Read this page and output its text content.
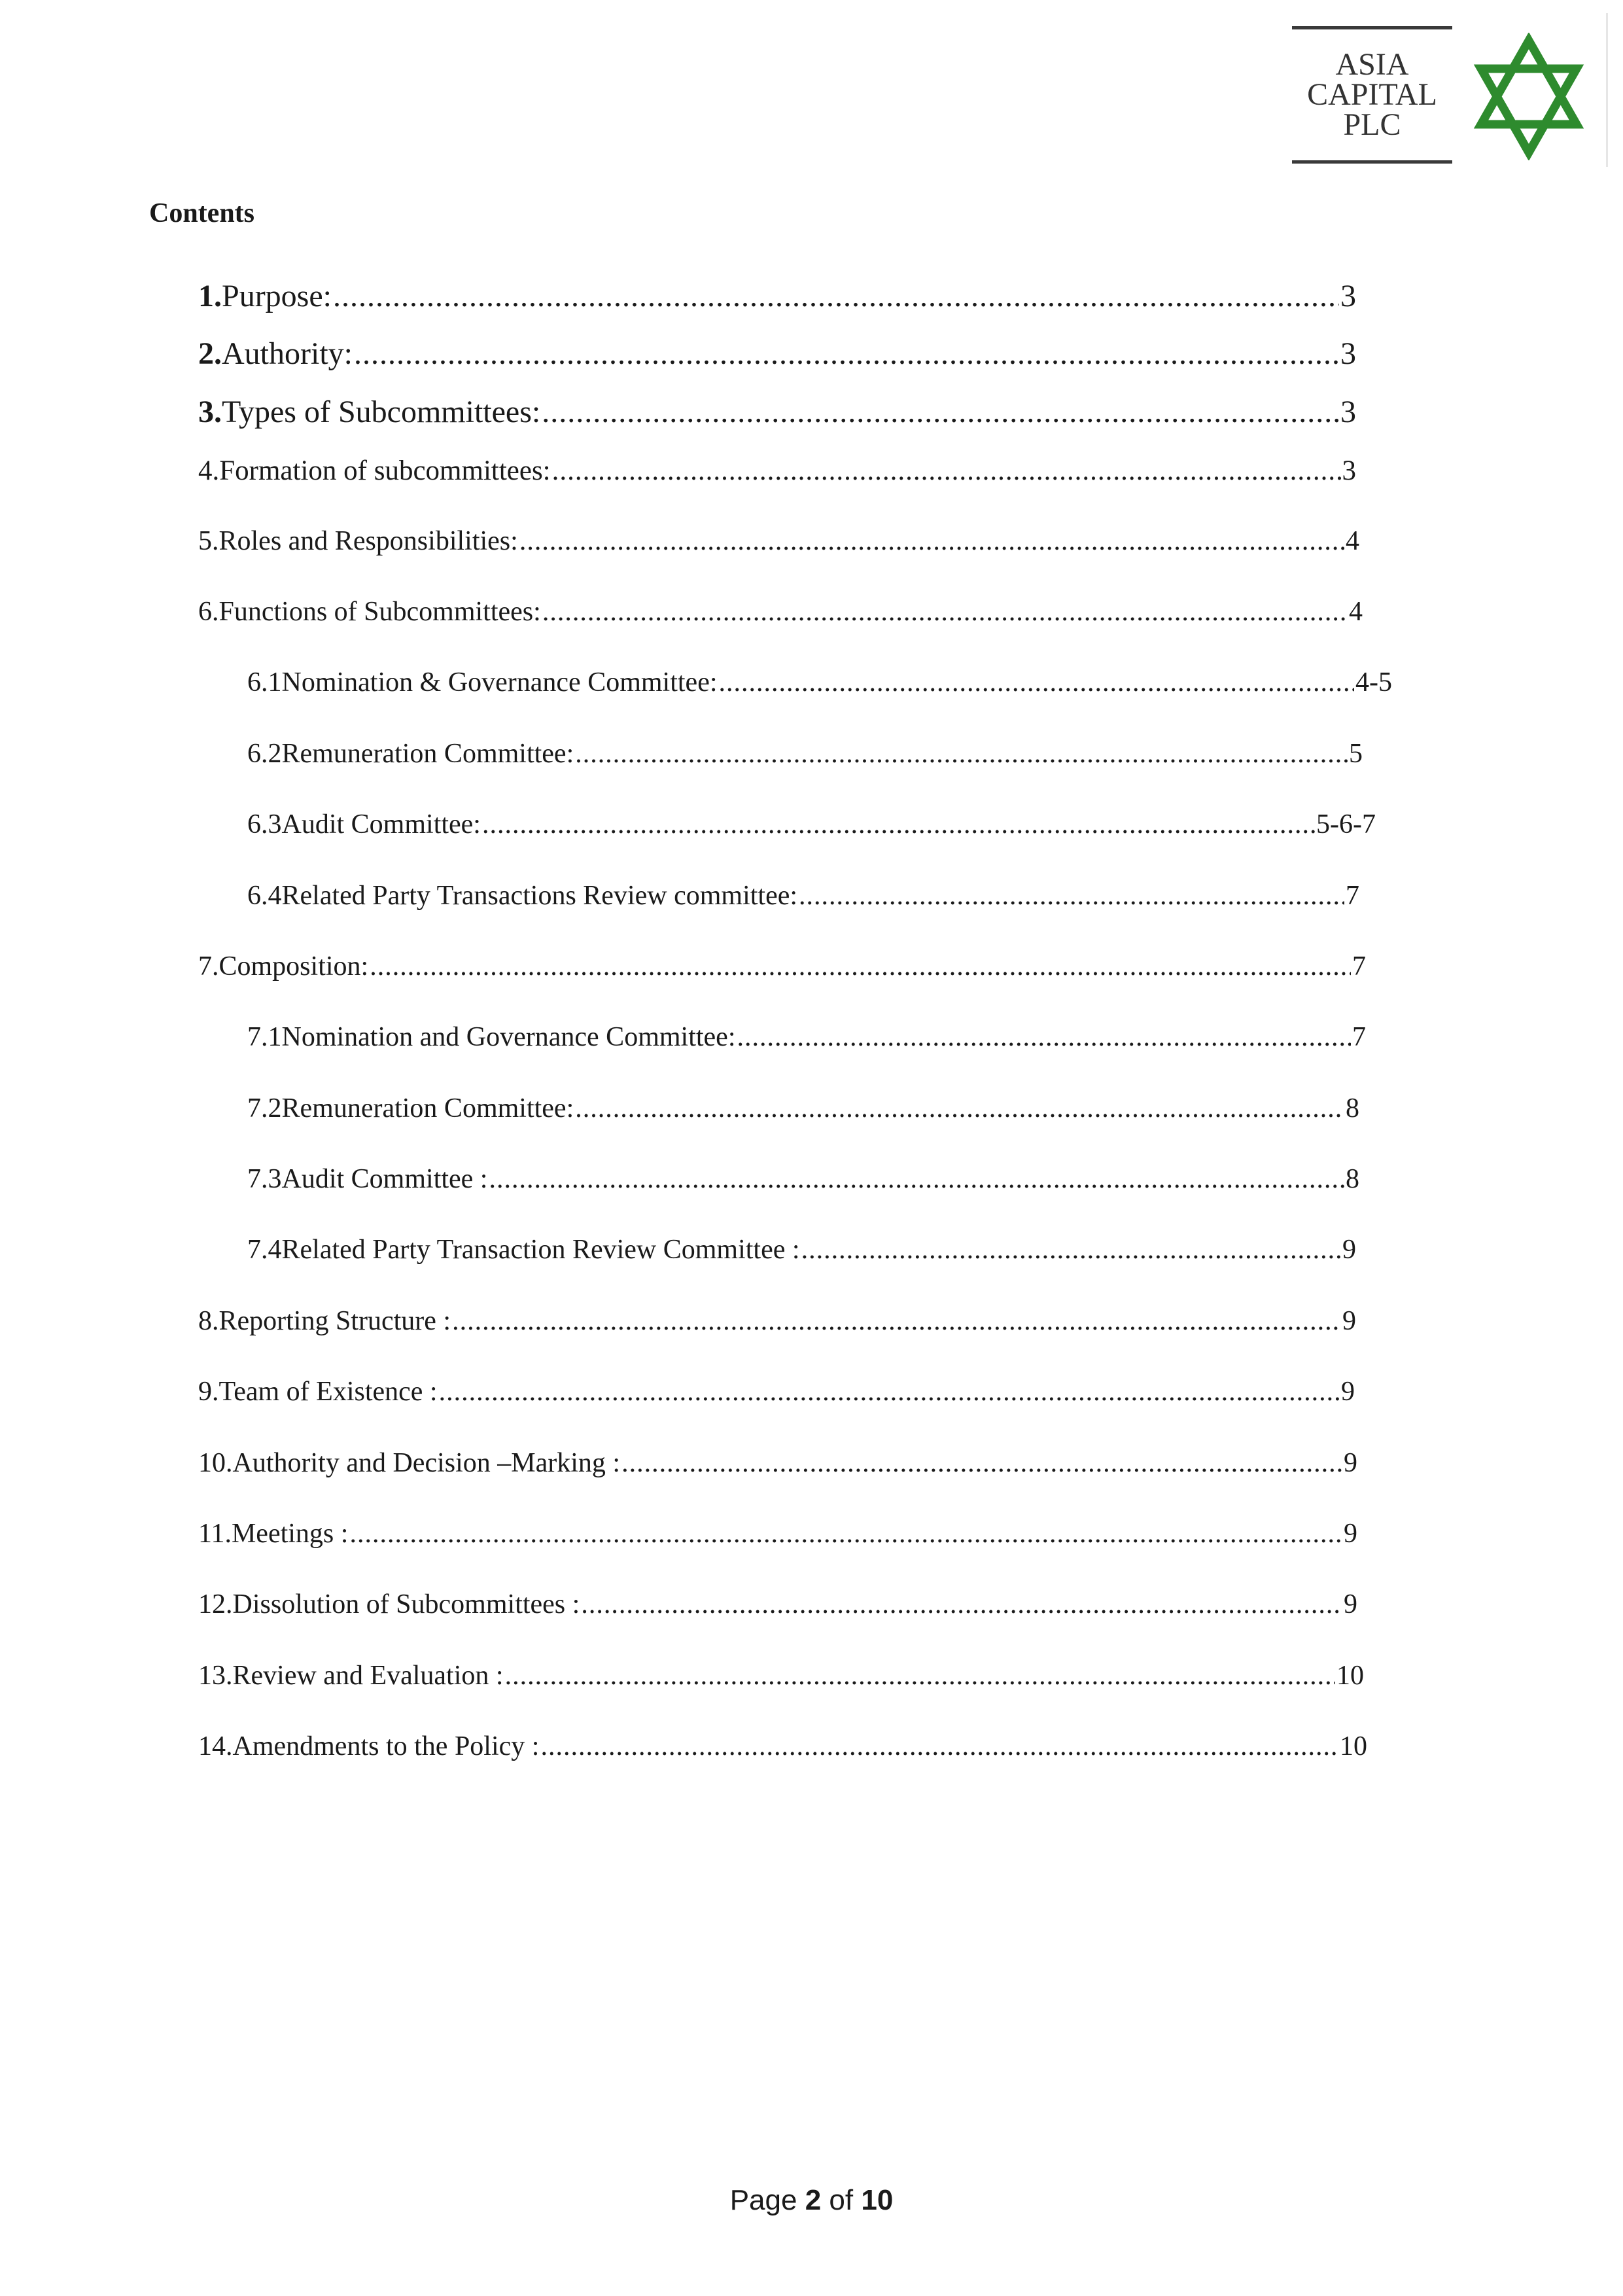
ASIA
CAPITAL
PLC
Contents
1. Purpose: .....	3
2. Authority: .....	3
3. Types of Subcommittees: .....	3
4. Formation of subcommittees: .....	3
5. Roles and Responsibilities: .....	4
6. Functions of Subcommittees: .....	4
6.1 Nomination & Governance Committee: .....	4-5
6.2 Remuneration Committee: .....	5
6.3 Audit Committee: .....	5-6-7
6.4 Related Party Transactions Review committee: .....	7
7. Composition: .....	7
7.1 Nomination and Governance Committee: .....	7
7.2 Remuneration Committee: .....	8
7.3 Audit Committee : .....	8
7.4 Related Party Transaction Review Committee : .....	9
8. Reporting Structure : .....	9
9. Team of Existence : .....	9
10. Authority and Decision –Marking : .....	9
11. Meetings : .....	9
12. Dissolution of Subcommittees : .....	9
13. Review and Evaluation : .....	10
14. Amendments to the Policy : .....	10
Page 2 of 10
